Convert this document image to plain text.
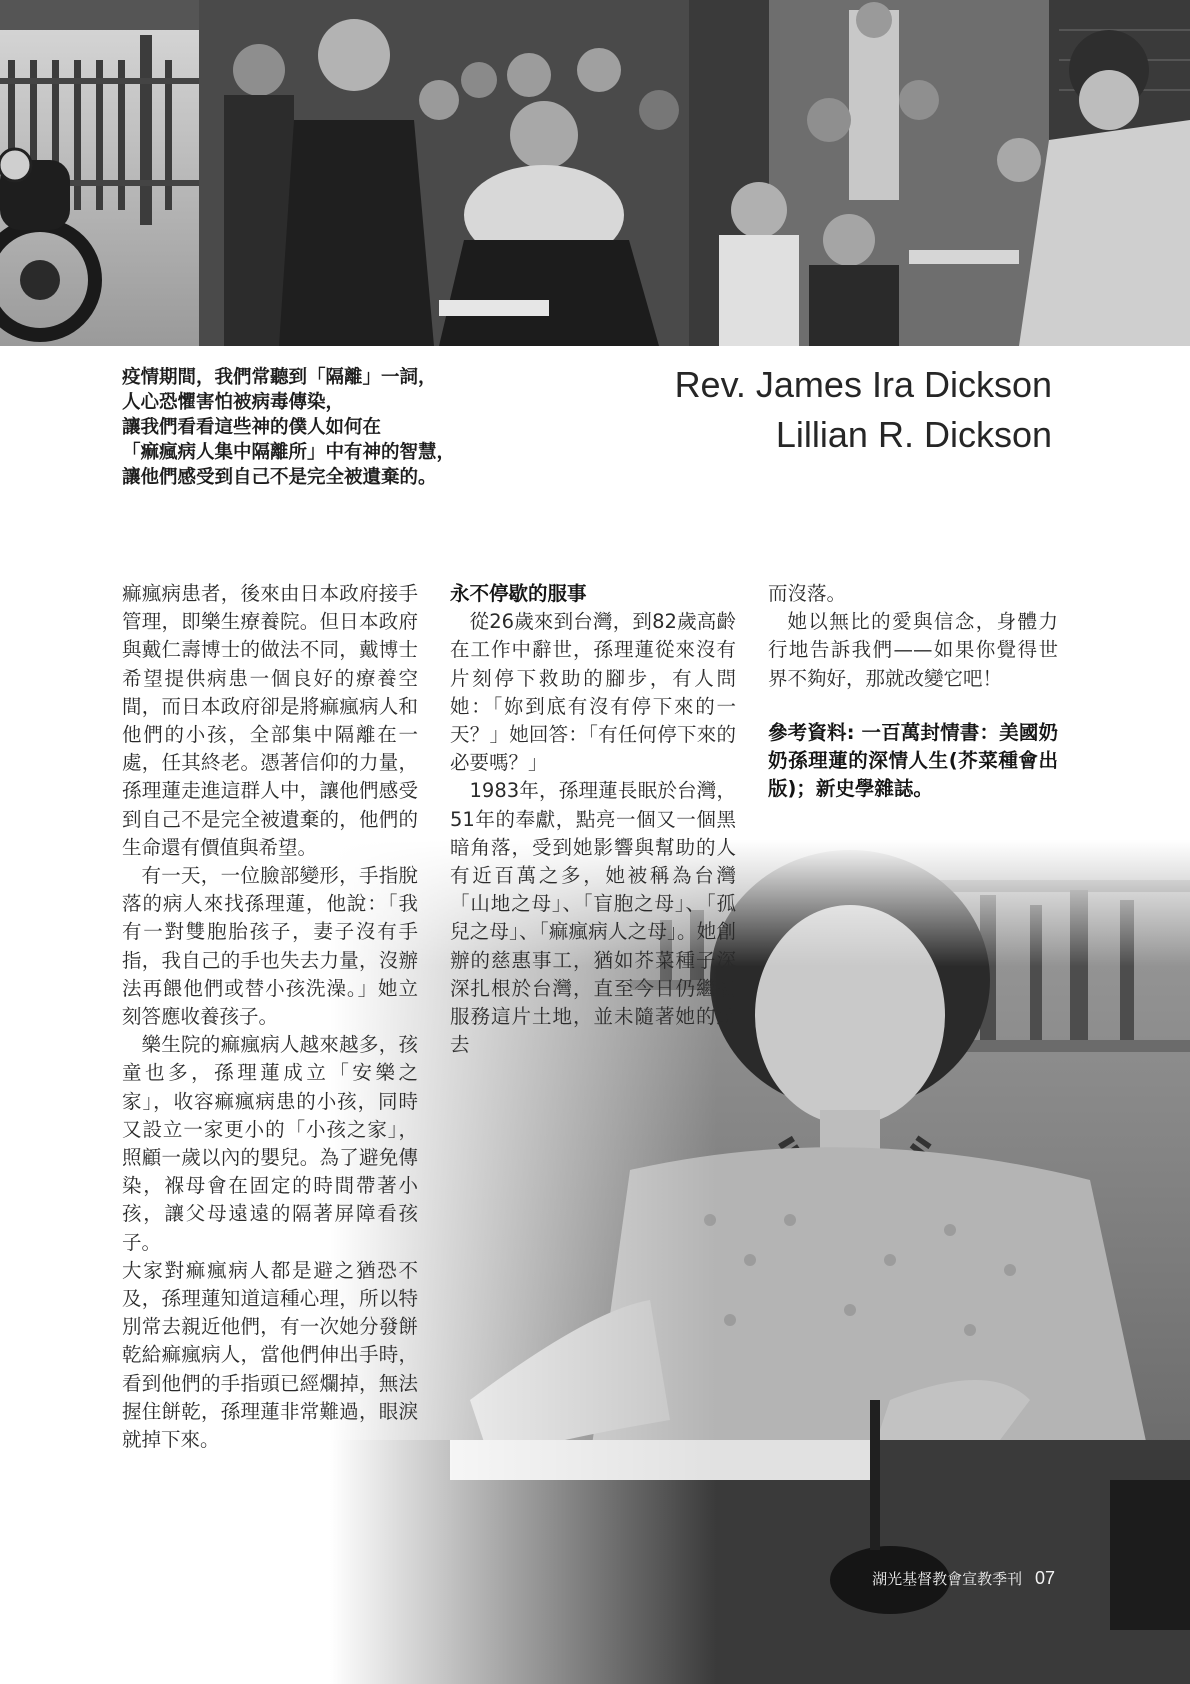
疫情期間，我們常聽到「隔離」一詞，

人心恐懼害怕被病毒傳染，

讓我們看看這些神的僕人如何在

「痲瘋病人集中隔離所」中有神的智慧，

讓他們感受到自己不是完全被遺棄的。

Rev. James Ira Dickson
Lillian R. Dickson

痲瘋病患者，後來由日本政府接手管理，即樂生療養院。但日本政府與戴仁壽博士的做法不同，戴博士希望提供病患一個良好的療養空間，而日本政府卻是將痲瘋病人和他們的小孩，全部集中隔離在一處，任其終老。憑著信仰的力量，孫理蓮走進這群人中，讓他們感受到自己不是完全被遺棄的，他們的生命還有價值與希望。

有一天，一位臉部變形，手指脫落的病人來找孫理蓮，他說：「我有一對雙胞胎孩子，妻子沒有手指，我自己的手也失去力量，沒辦法再餵他們或替小孩洗澡。」她立刻答應收養孩子。

樂生院的痲瘋病人越來越多，孩童也多，孫理蓮成立「安樂之家」，收容痲瘋病患的小孩，同時又設立一家更小的「小孩之家」，照顧一歲以內的嬰兒。為了避免傳染，褓母會在固定的時間帶著小孩，讓父母遠遠的隔著屏障看孩子。

大家對痲瘋病人都是避之猶恐不及，孫理蓮知道這種心理，所以特別常去親近他們，有一次她分發餅乾給痲瘋病人，當他們伸出手時，看到他們的手指頭已經爛掉，無法握住餅乾，孫理蓮非常難過，眼淚就掉下來。

永不停歇的服事

從26歲來到台灣，到82歲高齡在工作中辭世，孫理蓮從來沒有片刻停下救助的腳步，有人問她：「妳到底有沒有停下來的一天？」她回答：「有任何停下來的必要嗎？」

1983年，孫理蓮長眠於台灣，51年的奉獻，點亮一個又一個黑暗角落，受到她影響與幫助的人有近百萬之多，她被稱為台灣「山地之母」、「盲胞之母」、「孤兒之母」、「痲瘋病人之母」。她創辦的慈惠事工，猶如芥菜種子深深扎根於台灣，直至今日仍繼續服務這片土地，並未隨著她的逝去

而沒落。

她以無比的愛與信念，身體力行地告訴我們——如果你覺得世界不夠好，那就改變它吧！

參考資料: 一百萬封情書：美國奶奶孫理蓮的深情人生(芥菜種會出版)；新史學雜誌。

湖光基督教會宣教季刊 07
